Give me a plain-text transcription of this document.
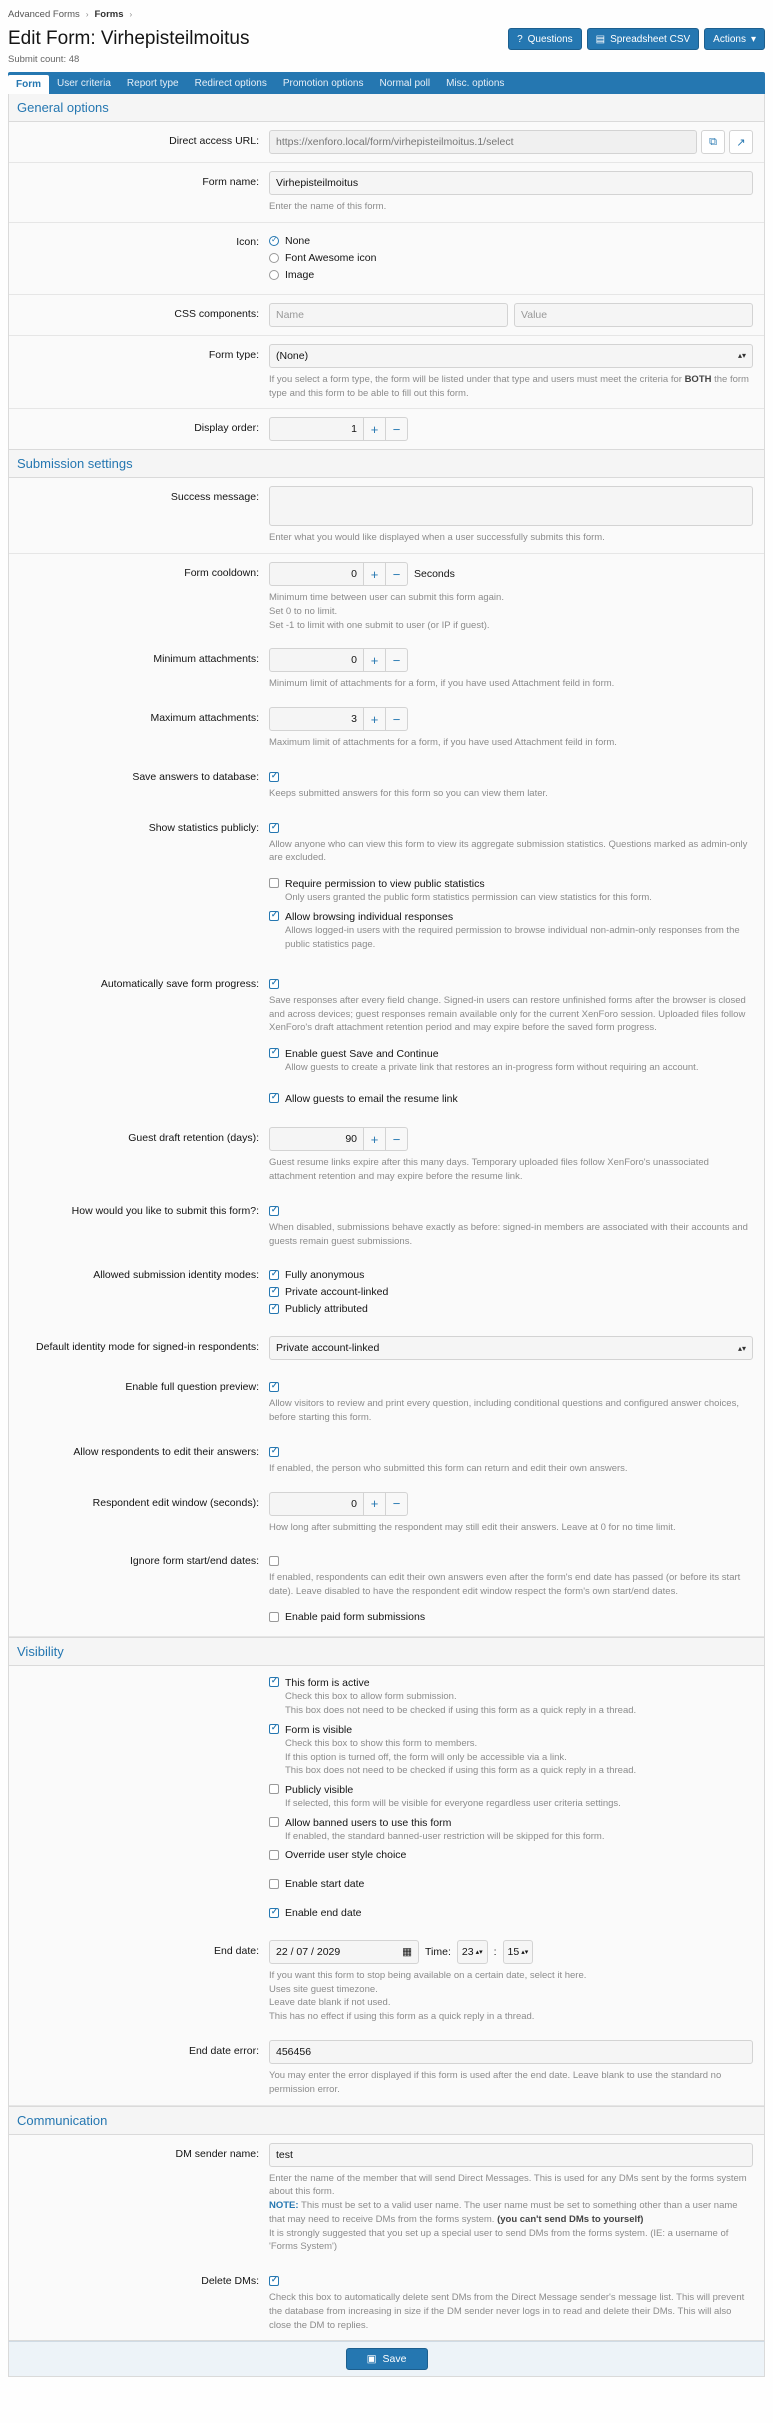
Advanced Forms › Forms ›
Edit Form: Virhepisteilmoitus	? Questions ▤ Spreadsheet CSV Actions ▾
Submit count: 48
Form	User criteria	Report type	Redirect options	Promotion options	Normal poll	Misc. options
General options
Direct access URL:	https://xenforo.local/form/virhepisteilmoitus.1/select	⧉	↗
Form name:	Virhepisteilmoitus
Enter the name of this form.
Icon: ✓	None
Font Awesome icon
Image
CSS components:	Name	Value
Form type:	(None)	▴▾
If you select a form type, the form will be listed under that type and users must meet the criteria for BOTH the form type and this form to be able to fill out this form.
Display order:	1	+	−
Submission settings
Success message:
Enter what you would like displayed when a user successfully submits this form.
Form cooldown:	0	+	−	Seconds
Minimum time between user can submit this form again.
Set 0 to no limit.
Set -1 to limit with one submit to user (or IP if guest).
Minimum attachments:	0	+	−
Minimum limit of attachments for a form, if you have used Attachment feild in form.
Maximum attachments:	3	+	−
Maximum limit of attachments for a form, if you have used Attachment feild in form.
Save answers to database:
✓
Keeps submitted answers for this form so you can view them later.
Show statistics publicly:
✓
Allow anyone who can view this form to view its aggregate submission statistics. Questions marked as admin-only are excluded.
Require permission to view public statistics
Only users granted the public form statistics permission can view statistics for this form.
✓
Allow browsing individual responses
Allows logged-in users with the required permission to browse individual non-admin-only responses from the public statistics page.
Automatically save form progress:
✓
Save responses after every field change. Signed-in users can restore unfinished forms after the browser is closed and across devices; guest responses remain available only for the current XenForo session. Uploaded files follow XenForo's draft attachment retention period and may expire before the saved form progress.
✓
Enable guest Save and Continue
Allow guests to create a private link that restores an in-progress form without requiring an account.
✓
Allow guests to email the resume link
Guest draft retention (days):	90	+	−
Guest resume links expire after this many days. Temporary uploaded files follow XenForo's unassociated attachment retention and may expire before the resume link.
How would you like to submit this form?:
✓
When disabled, submissions behave exactly as before: signed-in members are associated with their accounts and guests remain guest submissions.
Allowed submission identity modes: ✓	Fully anonymous
✓
Private account-linked
✓
Publicly attributed
Default identity mode for signed-in respondents:	Private account-linked	▴▾
Enable full question preview:
✓
Allow visitors to review and print every question, including conditional questions and configured answer choices, before starting this form.
Allow respondents to edit their answers:
✓
If enabled, the person who submitted this form can return and edit their own answers.
Respondent edit window (seconds):	0	+	−
How long after submitting the respondent may still edit their answers. Leave at 0 for no time limit.
Ignore form start/end dates:
If enabled, respondents can edit their own answers even after the form's end date has passed (or before its start date). Leave disabled to have the respondent edit window respect the form's own start/end dates.
Enable paid form submissions
Visibility
✓
This form is active
Check this box to allow form submission.
This box does not need to be checked if using this form as a quick reply in a thread.
✓
Form is visible
Check this box to show this form to members.
If this option is turned off, the form will only be accessible via a link.
This box does not need to be checked if using this form as a quick reply in a thread.
Publicly visible
If selected, this form will be visible for everyone regardless user criteria settings.
Allow banned users to use this form
If enabled, the standard banned-user restriction will be skipped for this form.
Override user style choice
Enable start date
✓
Enable end date
End date:	22 / 07 / 2029	▦ Time: 23 ▴▾ : 15 ▴▾
If you want this form to stop being available on a certain date, select it here.
Uses site guest timezone.
Leave date blank if not used.
This has no effect if using this form as a quick reply in a thread.
End date error:	456456
You may enter the error displayed if this form is used after the end date. Leave blank to use the standard no permission error.
Communication
DM sender name:	test
Enter the name of the member that will send Direct Messages. This is used for any DMs sent by the forms system about this form.
NOTE: This must be set to a valid user name. The user name must be set to something other than a user name that may need to receive DMs from the forms system. (you can't send DMs to yourself)
It is strongly suggested that you set up a special user to send DMs from the forms system. (IE: a username of 'Forms System')
Delete DMs:
✓
Check this box to automatically delete sent DMs from the Direct Message sender's message list. This will prevent the database from increasing in size if the DM sender never logs in to read and delete their DMs. This will also close the DM to replies.
▣ Save
